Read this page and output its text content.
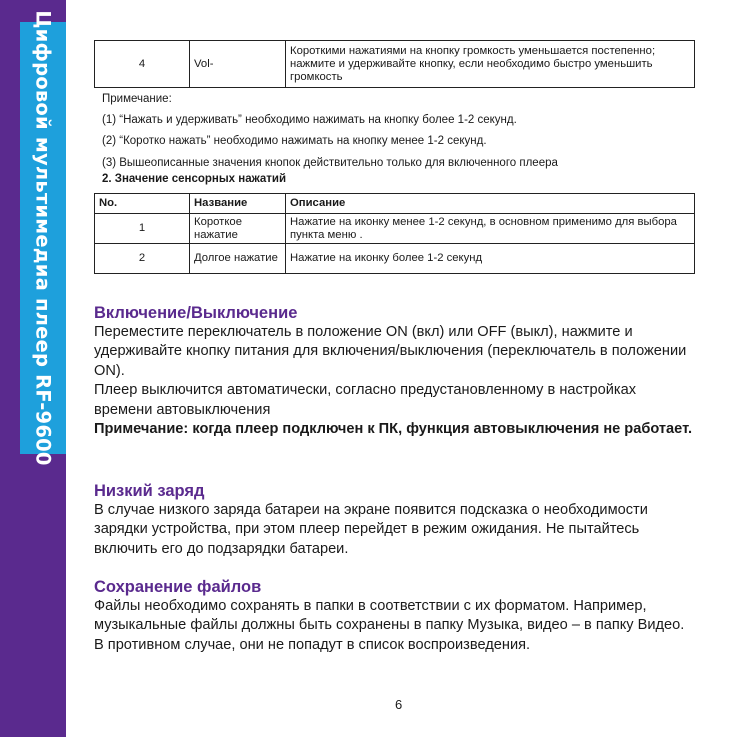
Цифровой мультимедиа плеер RF-9600	4	Vol-	Короткими нажатиями на кнопку громкость уменьшается постепенно; нажмите и удерживайте кнопку, если необходимо быстро уменьшить громкость
Примечание:
(1) “Нажать и удерживать” необходимо нажимать на кнопку более 1-2 секунд.
(2) “Коротко нажать” необходимо нажимать на кнопку менее 1-2 секунд.
(3) Вышеописанные значения кнопок действительно только для включенного плеера
2. Значение сенсорных нажатий
No.	Название	Описание
1	Короткое нажатие	Нажатие на иконку менее 1-2 секунд, в основном применимо для выбора пункта меню .
2	Долгое нажатие	Нажатие на иконку более 1-2 секунд
Включение/Выключение

Переместите переключатель в положение ON (вкл) или OFF (выкл), нажмите и удерживайте кнопку питания для включения/выключения (переключатель в положении ON).

Плеер выключится автоматически, согласно предустановленному в настройках времени автовыключения

Примечание: когда плеер подключен к ПК, функция автовыключения не работает.

Низкий заряд

В случае низкого заряда батареи на экране появится подсказка о необходимости зарядки устройства, при этом плеер перейдет в режим ожидания. Не пытайтесь включить его до подзарядки батареи.

Сохранение файлов

Файлы необходимо сохранять в папки в соответствии с их форматом. Например, музыкальные файлы должны быть сохранены в папку Музыка, видео – в папку Видео. В противном случае, они не попадут в список воспроизведения.

6
